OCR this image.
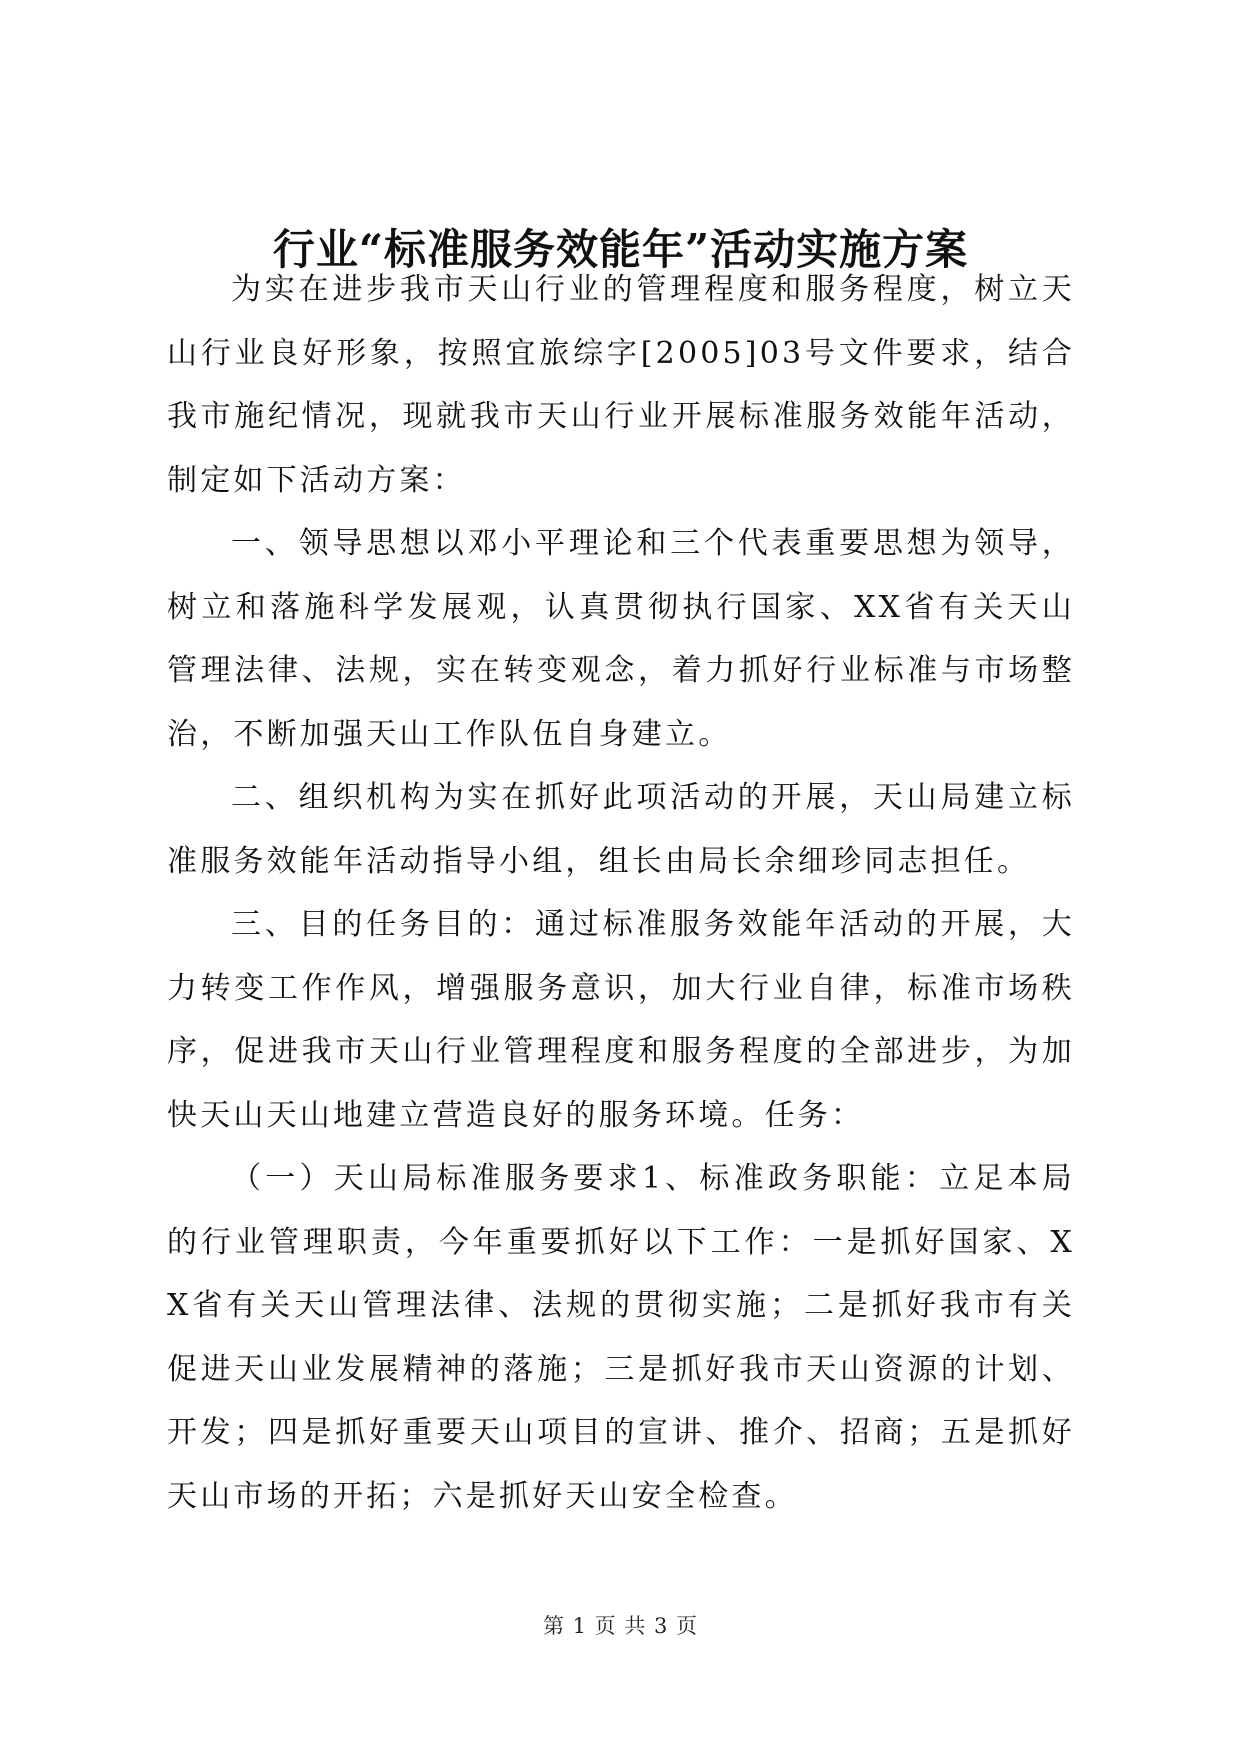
行业“标准服务效能年”活动实施方案

为实在进步我市天山行业的管理程度和服务程度，树立天山行业良好形象，按照宜旅综字[2005]03号文件要求，结合我市施纪情况，现就我市天山行业开展标准服务效能年活动，制定如下活动方案：

一、领导思想以邓小平理论和三个代表重要思想为领导，树立和落施科学发展观，认真贯彻执行国家、XX省有关天山管理法律、法规，实在转变观念，着力抓好行业标准与市场整治，不断加强天山工作队伍自身建立。

二、组织机构为实在抓好此项活动的开展，天山局建立标准服务效能年活动指导小组，组长由局长余细珍同志担任。

三、目的任务目的：通过标准服务效能年活动的开展，大力转变工作作风，增强服务意识，加大行业自律，标准市场秩序，促进我市天山行业管理程度和服务程度的全部进步，为加快天山天山地建立营造良好的服务环境。任务：

（一）天山局标准服务要求1、标准政务职能：立足本局的行业管理职责，今年重要抓好以下工作：一是抓好国家、XX省有关天山管理法律、法规的贯彻实施；二是抓好我市有关促进天山业发展精神的落施；三是抓好我市天山资源的计划、开发；四是抓好重要天山项目的宣讲、推介、招商；五是抓好天山市场的开拓；六是抓好天山安全检查。

第 1 页 共 3 页
